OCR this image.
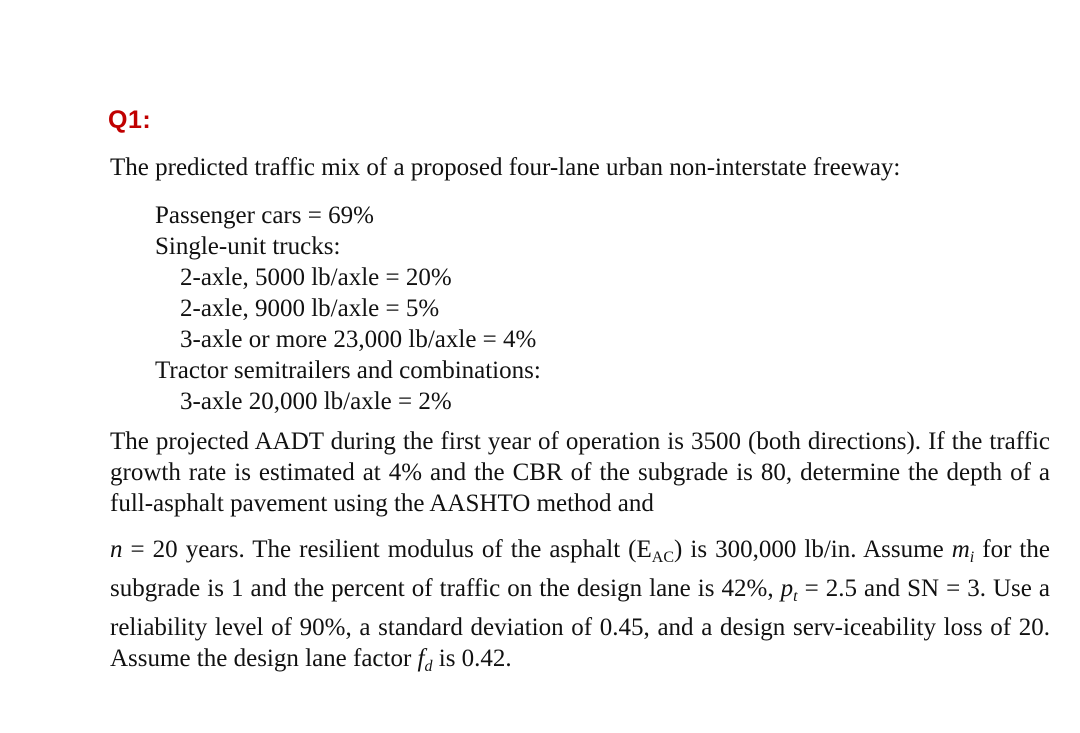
Q1:
The predicted traffic mix of a proposed four-lane urban non-interstate freeway:
Passenger cars = 69%
Single-unit trucks:
2-axle, 5000 lb/axle = 20%
2-axle, 9000 lb/axle = 5%
3-axle or more 23,000 lb/axle = 4%
Tractor semitrailers and combinations:
3-axle 20,000 lb/axle = 2%
The projected AADT during the first year of operation is 3500 (both directions). If the traffic growth rate is estimated at 4% and the CBR of the subgrade is 80, determine the depth of a full-asphalt pavement using the AASHTO method and
n = 20 years. The resilient modulus of the asphalt $(E_{AC})$ is 300,000 lb/in. Assume $m_i$ for the subgrade is 1 and the percent of traffic on the design lane is 42%, $p_t = 2.5$ and SN = 3. Use a reliability level of 90%, a standard deviation of 0.45, and a design serv-iceability loss of 20. Assume the design lane factor $f_d$ is 0.42.
